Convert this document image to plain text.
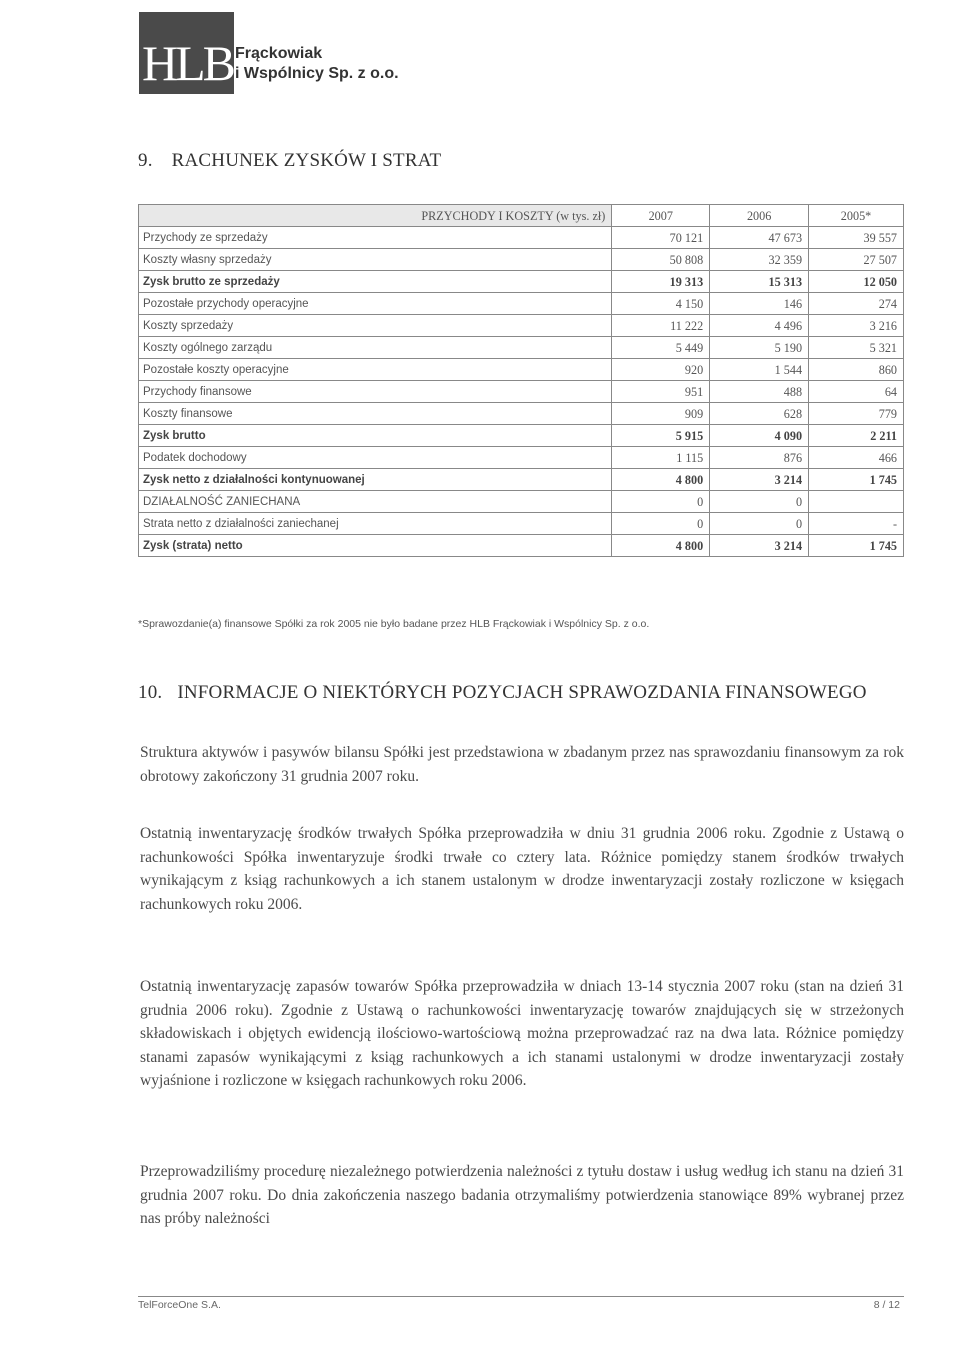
HLB Frąckowiak
i Wspólnicy Sp. z o.o.
9. RACHUNEK ZYSKÓW I STRAT
PRZYCHODY I KOSZTY (w tys. zł)	2007	2006	2005*
Przychody ze sprzedaży	70 121	47 673	39 557
Koszty własny sprzedaży	50 808	32 359	27 507
Zysk brutto ze sprzedaży	19 313	15 313	12 050
Pozostałe przychody operacyjne	4 150	146	274
Koszty sprzedaży	11 222	4 496	3 216
Koszty ogólnego zarządu	5 449	5 190	5 321
Pozostałe koszty operacyjne	920	1 544	860
Przychody finansowe	951	488	64
Koszty finansowe	909	628	779
Zysk brutto	5 915	4 090	2 211
Podatek dochodowy	1 115	876	466
Zysk netto z działalności kontynuowanej	4 800	3 214	1 745
DZIAŁALNOŚĆ ZANIECHANA	0	0	
Strata netto z działalności zaniechanej	0	0	-
Zysk (strata) netto	4 800	3 214	1 745
*Sprawozdanie(a) finansowe Spółki za rok 2005 nie było badane przez HLB Frąckowiak i Wspólnicy Sp. z o.o.
10. INFORMACJE O NIEKTÓRYCH POZYCJACH SPRAWOZDANIA FINANSOWEGO

Struktura aktywów i pasywów bilansu Spółki jest przedstawiona w zbadanym przez nas sprawozdaniu finansowym za rok obrotowy zakończony 31 grudnia 2007 roku.

Ostatnią inwentaryzację środków trwałych Spółka przeprowadziła w dniu 31 grudnia 2006 roku. Zgodnie z Ustawą o rachunkowości Spółka inwentaryzuje środki trwałe co cztery lata. Różnice pomiędzy stanem środków trwałych wynikającym z ksiąg rachunkowych a ich stanem ustalonym w drodze inwentaryzacji zostały rozliczone w księgach rachunkowych roku 2006.

Ostatnią inwentaryzację zapasów towarów Spółka przeprowadziła w dniach 13-14 stycznia 2007 roku (stan na dzień 31 grudnia 2006 roku). Zgodnie z Ustawą o rachunkowości inwentaryzację towarów znajdujących się w strzeżonych składowiskach i objętych ewidencją ilościowo-wartościową można przeprowadzać raz na dwa lata. Różnice pomiędzy stanami zapasów wynikającymi z ksiąg rachunkowych a ich stanami ustalonymi w drodze inwentaryzacji zostały wyjaśnione i rozliczone w księgach rachunkowych roku 2006.

Przeprowadziliśmy procedurę niezależnego potwierdzenia należności z tytułu dostaw i usług według ich stanu na dzień 31 grudnia 2007 roku. Do dnia zakończenia naszego badania otrzymaliśmy potwierdzenia stanowiące 89% wybranej przez nas próby należności

TelForceOne S.A.	8 / 12
